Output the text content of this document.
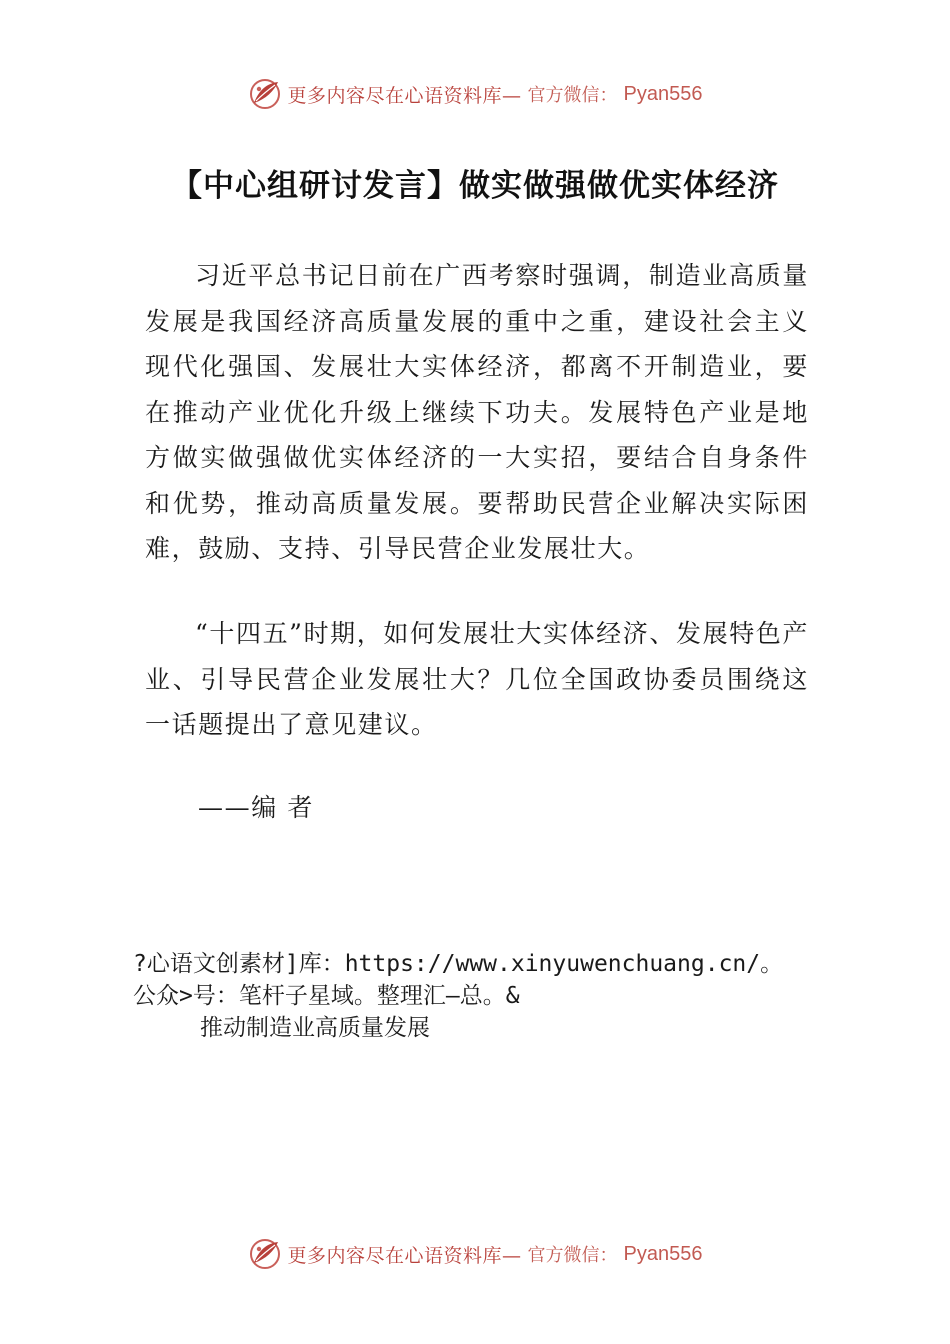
更多内容尽在心语资料库— 官方微信： Pyan556
【中心组研讨发言】做实做强做优实体经济

习近平总书记日前在广西考察时强调，制造业高质量发展是我国经济高质量发展的重中之重，建设社会主义现代化强国、发展壮大实体经济，都离不开制造业，要在推动产业优化升级上继续下功夫。发展特色产业是地方做实做强做优实体经济的一大实招，要结合自身条件和优势，推动高质量发展。要帮助民营企业解决实际困难，鼓励、支持、引导民营企业发展壮大。

“十四五”时期，如何发展壮大实体经济、发展特色产业、引导民营企业发展壮大？几位全国政协委员围绕这一话题提出了意见建议。

——编 者
?心语文创素材]库：https://www.xinyuwenchuang.cn/。
公众>号：笔杆子星域。整理汇—总。&
推动制造业高质量发展
更多内容尽在心语资料库— 官方微信： Pyan556
